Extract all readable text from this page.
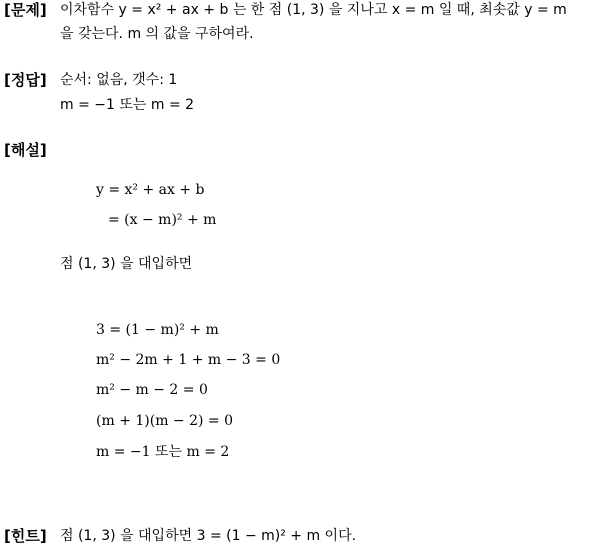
[문제] 이차함수 y = x² + ax + b 는 한 점 (1, 3) 을 지나고 x = m 일 때, 최솟값 y = m
을 갖는다. m 의 값을 구하여라.
[정답] 순서: 없음, 갯수: 1
m = −1 또는 m = 2
[해설]
y = x² + ax + b
= (x − m)² + m
점 (1, 3) 을 대입하면
3 = (1 − m)² + m
m² − 2m + 1 + m − 3 = 0
m² − m − 2 = 0
(m + 1)(m − 2) = 0
m = −1 또는 m = 2
[힌트] 점 (1, 3) 을 대입하면 3 = (1 − m)² + m 이다.
